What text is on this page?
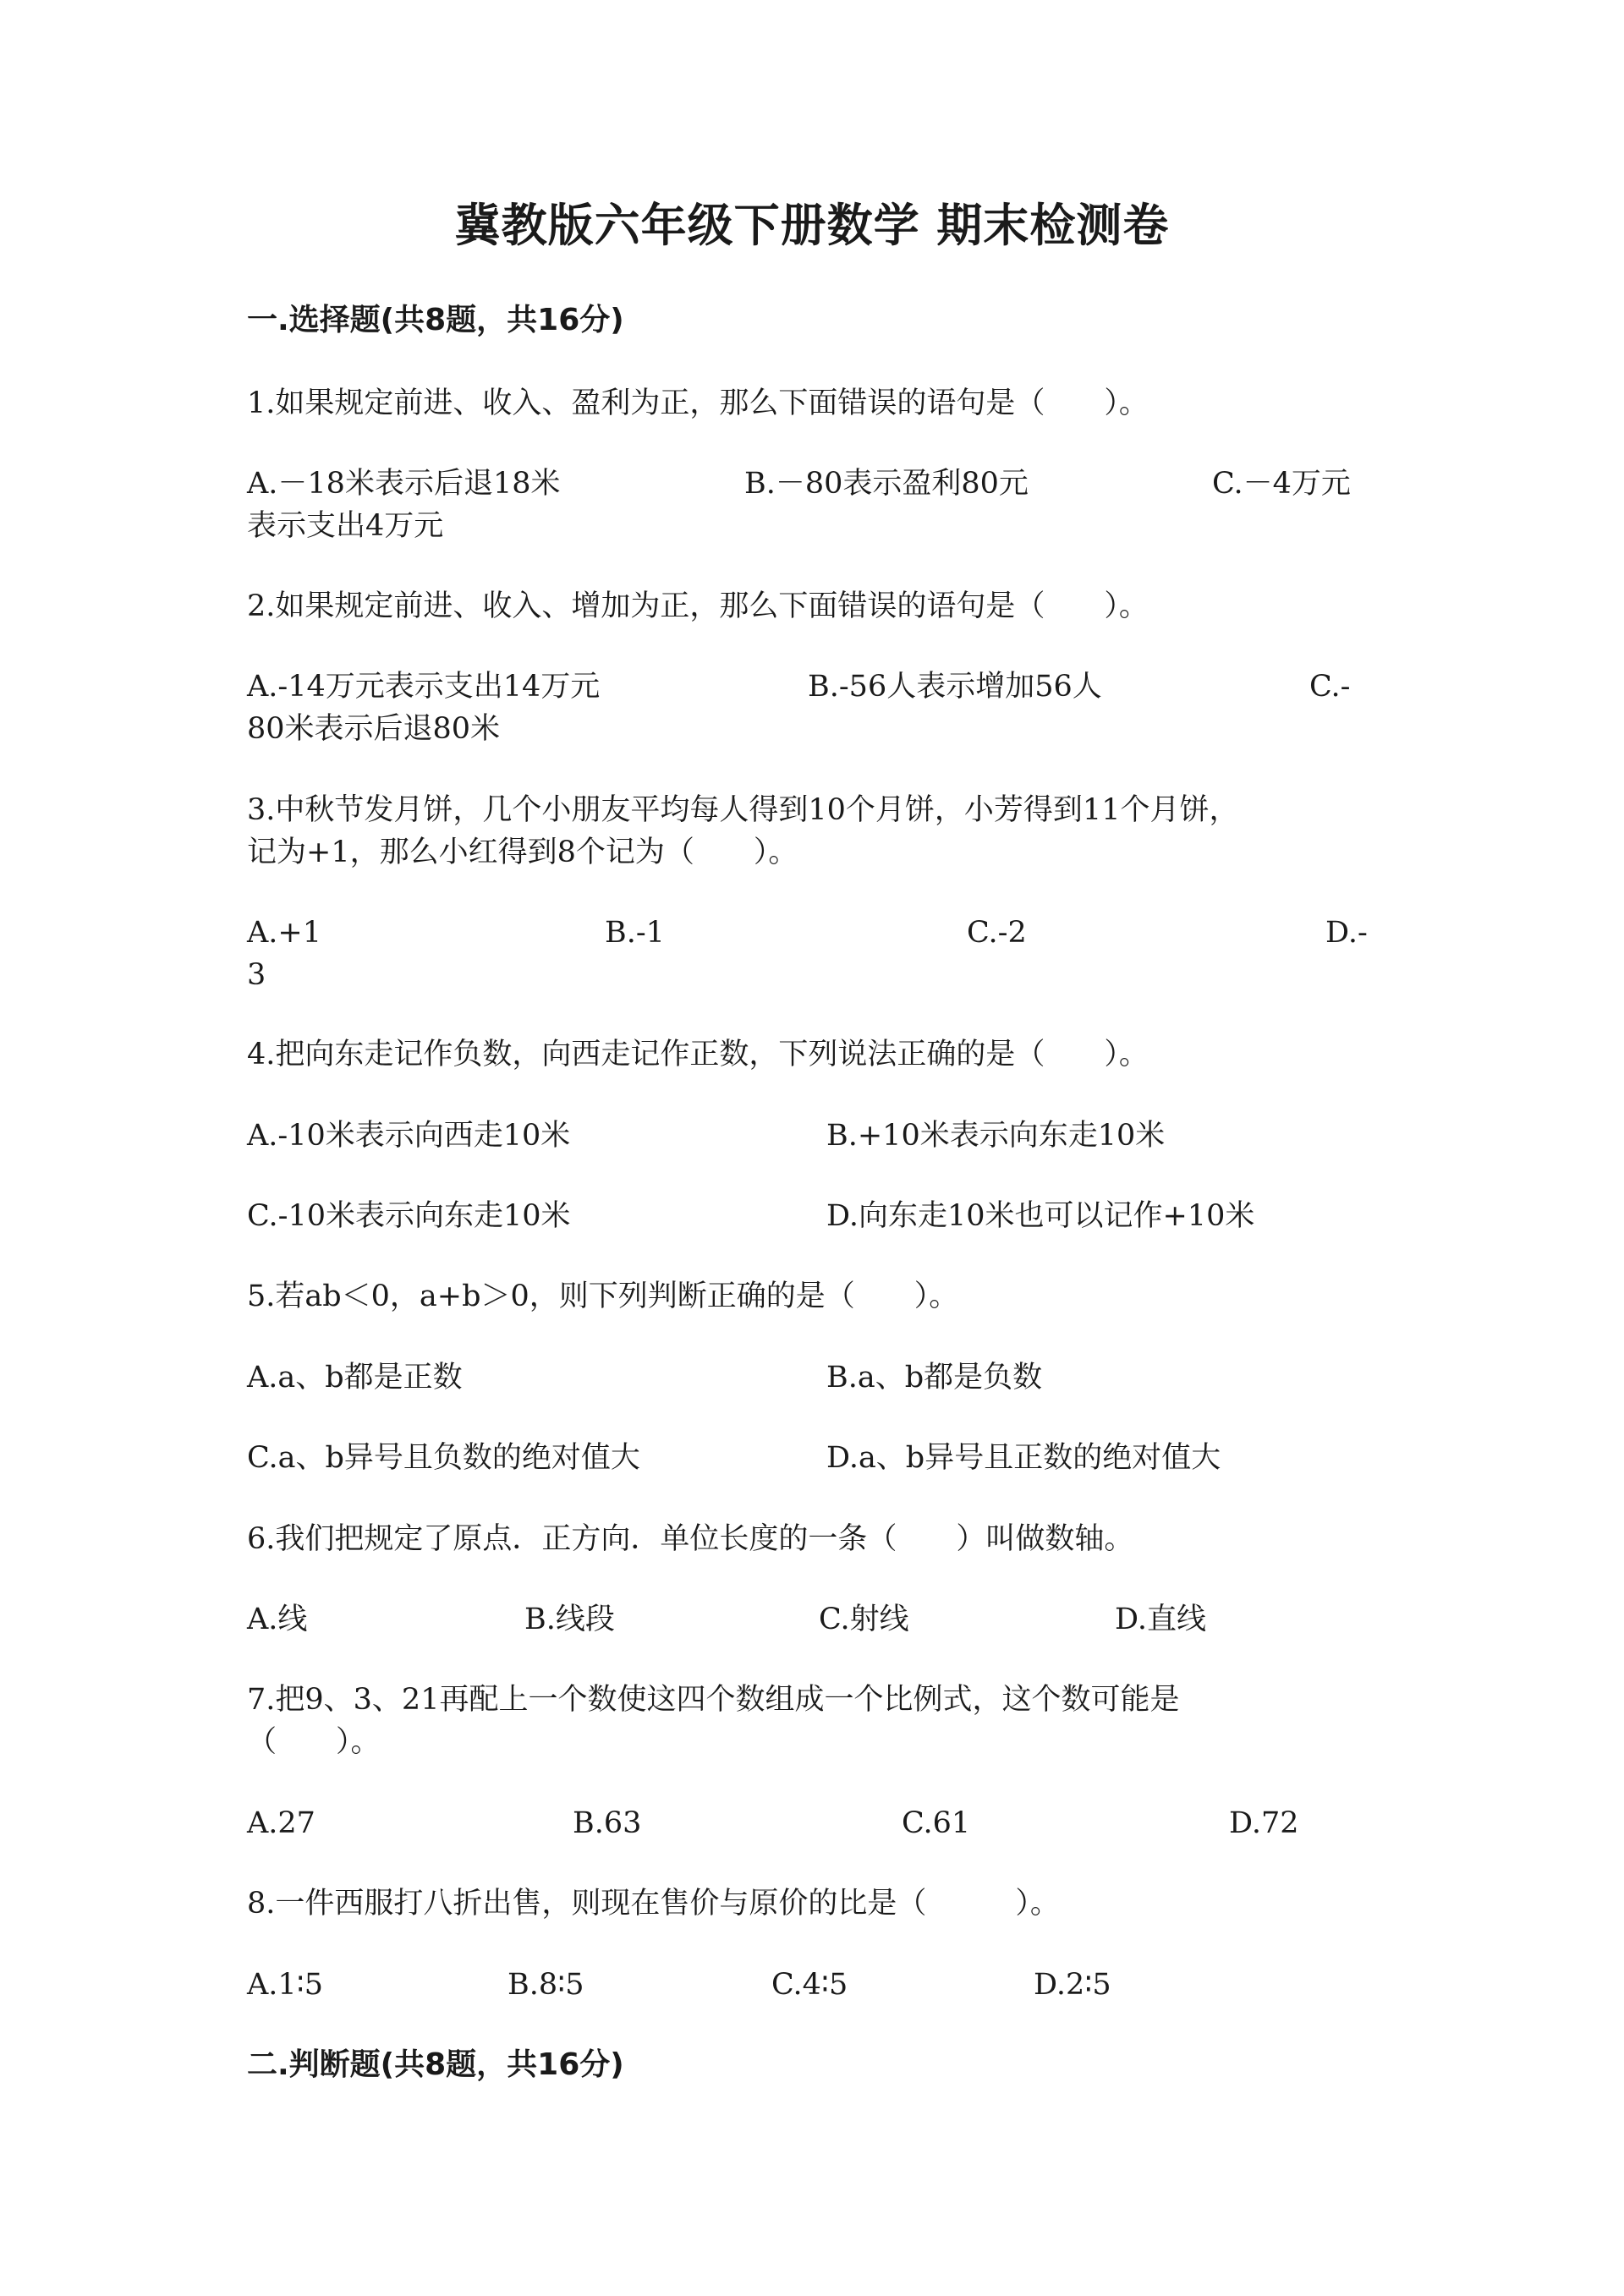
冀教版六年级下册数学 期末检测卷
一.选择题(共8题，共16分)
1.如果规定前进、收入、盈利为正，那么下面错误的语句是（　　）。
A.－18米表示后退18米	B.－80表示盈利80元	C.－4万元
表示支出4万元
2.如果规定前进、收入、增加为正，那么下面错误的语句是（　　）。
A.-14万元表示支出14万元	B.-56人表示增加56人	C.-
80米表示后退80米
3.中秋节发月饼，几个小朋友平均每人得到10个月饼，小芳得到11个月饼，
记为+1，那么小红得到8个记为（　　）。
A.+1	B.-1	C.-2	D.-
3
4.把向东走记作负数，向西走记作正数，下列说法正确的是（　　）。
A.-10米表示向西走10米	B.+10米表示向东走10米
C.-10米表示向东走10米	D.向东走10米也可以记作+10米
5.若ab＜0，a+b＞0，则下列判断正确的是（　　）。
A.a、b都是正数	B.a、b都是负数
C.a、b异号且负数的绝对值大	D.a、b异号且正数的绝对值大
6.我们把规定了原点．正方向．单位长度的一条（　　）叫做数轴。
A.线	B.线段	C.射线	D.直线
7.把9、3、21再配上一个数使这四个数组成一个比例式，这个数可能是
（　　）。
A.27	B.63	C.61	D.72
8.一件西服打八折出售，则现在售价与原价的比是（　　　）。
A.1∶5	B.8∶5	C.4∶5	D.2∶5
二.判断题(共8题，共16分)
